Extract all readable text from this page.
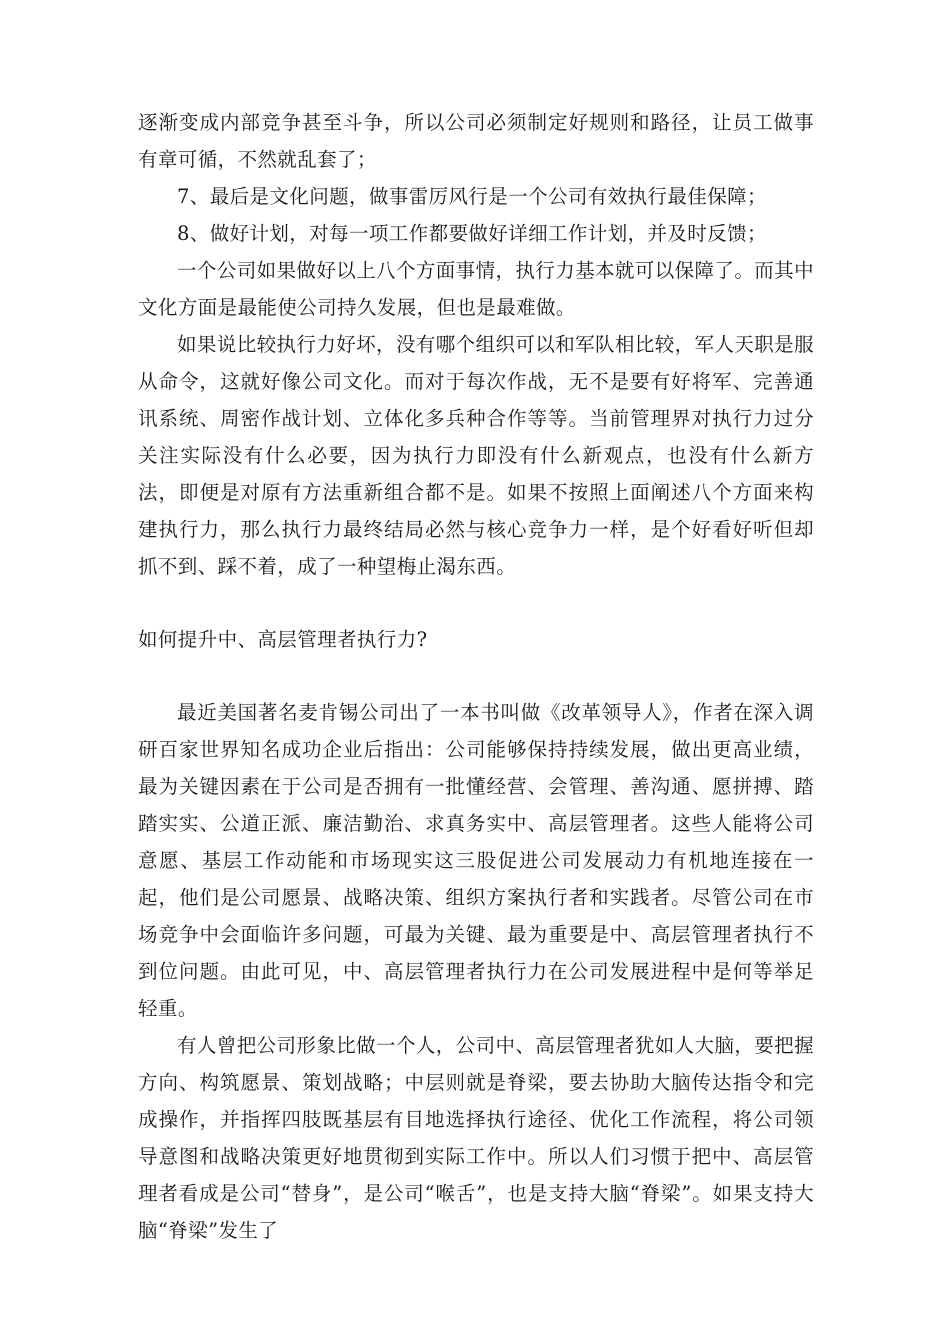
逐渐变成内部竞争甚至斗争，所以公司必须制定好规则和路径，让员工做事有章可循，不然就乱套了；

7、最后是文化问题，做事雷厉风行是一个公司有效执行最佳保障；

8、做好计划，对每一项工作都要做好详细工作计划，并及时反馈；

一个公司如果做好以上八个方面事情，执行力基本就可以保障了。而其中文化方面是最能使公司持久发展，但也是最难做。

如果说比较执行力好坏，没有哪个组织可以和军队相比较，军人天职是服从命令，这就好像公司文化。而对于每次作战，无不是要有好将军、完善通讯系统、周密作战计划、立体化多兵种合作等等。当前管理界对执行力过分关注实际没有什么必要，因为执行力即没有什么新观点，也没有什么新方法，即便是对原有方法重新组合都不是。如果不按照上面阐述八个方面来构建执行力，那么执行力最终结局必然与核心竞争力一样，是个好看好听但却抓不到、踩不着，成了一种望梅止渴东西。

如何提升中、高层管理者执行力?

最近美国著名麦肯锡公司出了一本书叫做《改革领导人》，作者在深入调研百家世界知名成功企业后指出：公司能够保持持续发展，做出更高业绩，最为关键因素在于公司是否拥有一批懂经营、会管理、善沟通、愿拼搏、踏踏实实、公道正派、廉洁勤治、求真务实中、高层管理者。这些人能将公司意愿、基层工作动能和市场现实这三股促进公司发展动力有机地连接在一起，他们是公司愿景、战略决策、组织方案执行者和实践者。尽管公司在市场竞争中会面临许多问题，可最为关键、最为重要是中、高层管理者执行不到位问题。由此可见，中、高层管理者执行力在公司发展进程中是何等举足轻重。

有人曾把公司形象比做一个人，公司中、高层管理者犹如人大脑，要把握方向、构筑愿景、策划战略；中层则就是脊梁，要去协助大脑传达指令和完成操作，并指挥四肢既基层有目地选择执行途径、优化工作流程，将公司领导意图和战略决策更好地贯彻到实际工作中。所以人们习惯于把中、高层管理者看成是公司“替身”，是公司“喉舌”，也是支持大脑“脊梁”。如果支持大脑“脊梁”发生了
